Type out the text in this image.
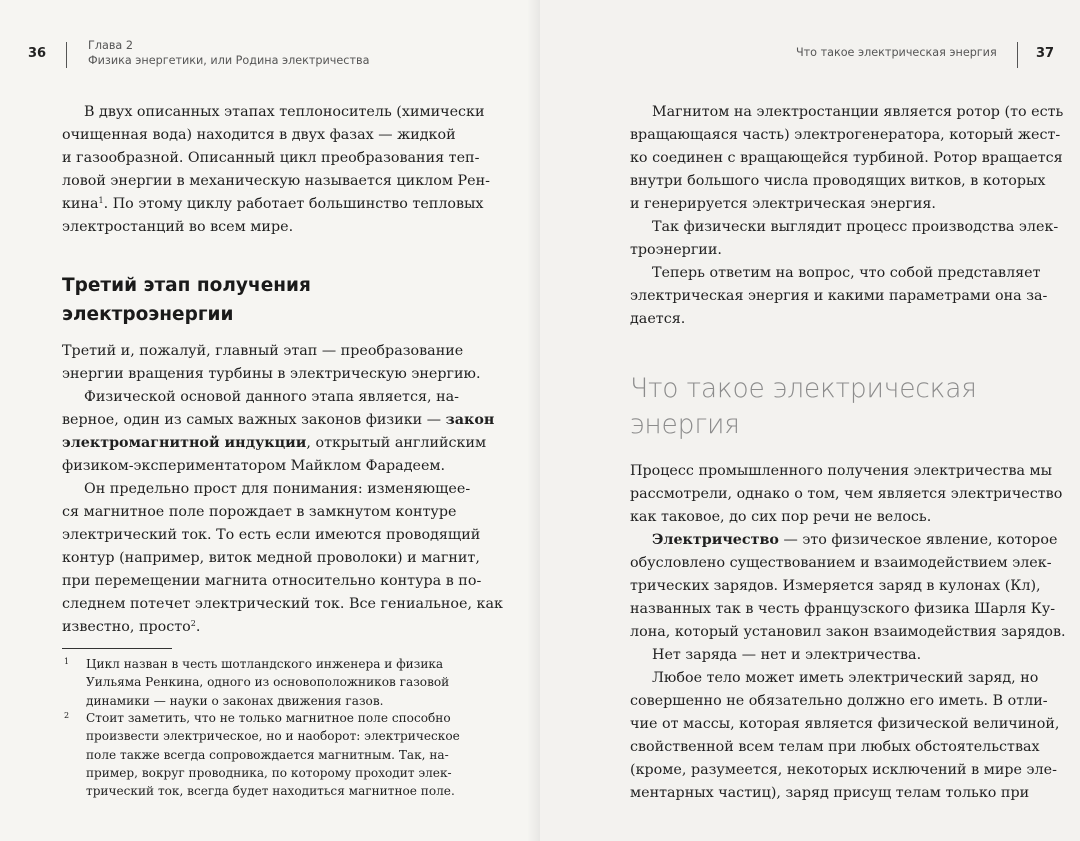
36
Глава 2
Физика энергетики, или Родина электричества

В двух описанных этапах теплоноситель (химически

очищенная вода) находится в двух фазах — жидкой

и газообразной. Описанный цикл преобразования теп-

ловой энергии в механическую называется циклом Рен-

кина$^1$. По этому циклу работает большинство тепловых

электростанций во всем мире.

Третий этап получения
электроэнергии

Третий и, пожалуй, главный этап — преобразование

энергии вращения турбины в электрическую энергию.

Физической основой данного этапа является, на-

верное, один из самых важных законов физики — закон

электромагнитной индукции, открытый английским

физиком-экспериментатором Майклом Фарадеем.

Он предельно прост для понимания: изменяющее-

ся магнитное поле порождает в замкнутом контуре

электрический ток. То есть если имеются проводящий

контур (например, виток медной проволоки) и магнит,

при перемещении магнита относительно контура в по-

следнем потечет электрический ток. Все гениальное, как

известно, просто$^2$.

1 Цикл назван в честь шотландского инженера и физика
Уильяма Ренкина, одного из основоположников газовой
динамики — науки о законах движения газов.
2 Стоит заметить, что не только магнитное поле способно
произвести электрическое, но и наоборот: электрическое
поле также всегда сопровождается магнитным. Так, на-
пример, вокруг проводника, по которому проходит элек-
трический ток, всегда будет находиться магнитное поле.
Что такое электрическая энергия	37

Магнитом на электростанции является ротор (то есть

вращающаяся часть) электрогенератора, который жест-

ко соединен с вращающейся турбиной. Ротор вращается

внутри большого числа проводящих витков, в которых

и генерируется электрическая энергия.

Так физически выглядит процесс производства элек-

троэнергии.

Теперь ответим на вопрос, что собой представляет

электрическая энергия и какими параметрами она за-

дается.

Что такое электрическая
энергия

Процесс промышленного получения электричества мы

рассмотрели, однако о том, чем является электричество

как таковое, до сих пор речи не велось.

Электричество — это физическое явление, которое

обусловлено существованием и взаимодействием элек-

трических зарядов. Измеряется заряд в кулонах (Кл),

названных так в честь французского физика Шарля Ку-

лона, который установил закон взаимодействия зарядов.

Нет заряда — нет и электричества.

Любое тело может иметь электрический заряд, но

совершенно не обязательно должно его иметь. В отли-

чие от массы, которая является физической величиной,

свойственной всем телам при любых обстоятельствах

(кроме, разумеется, некоторых исключений в мире эле-

ментарных частиц), заряд присущ телам только при
